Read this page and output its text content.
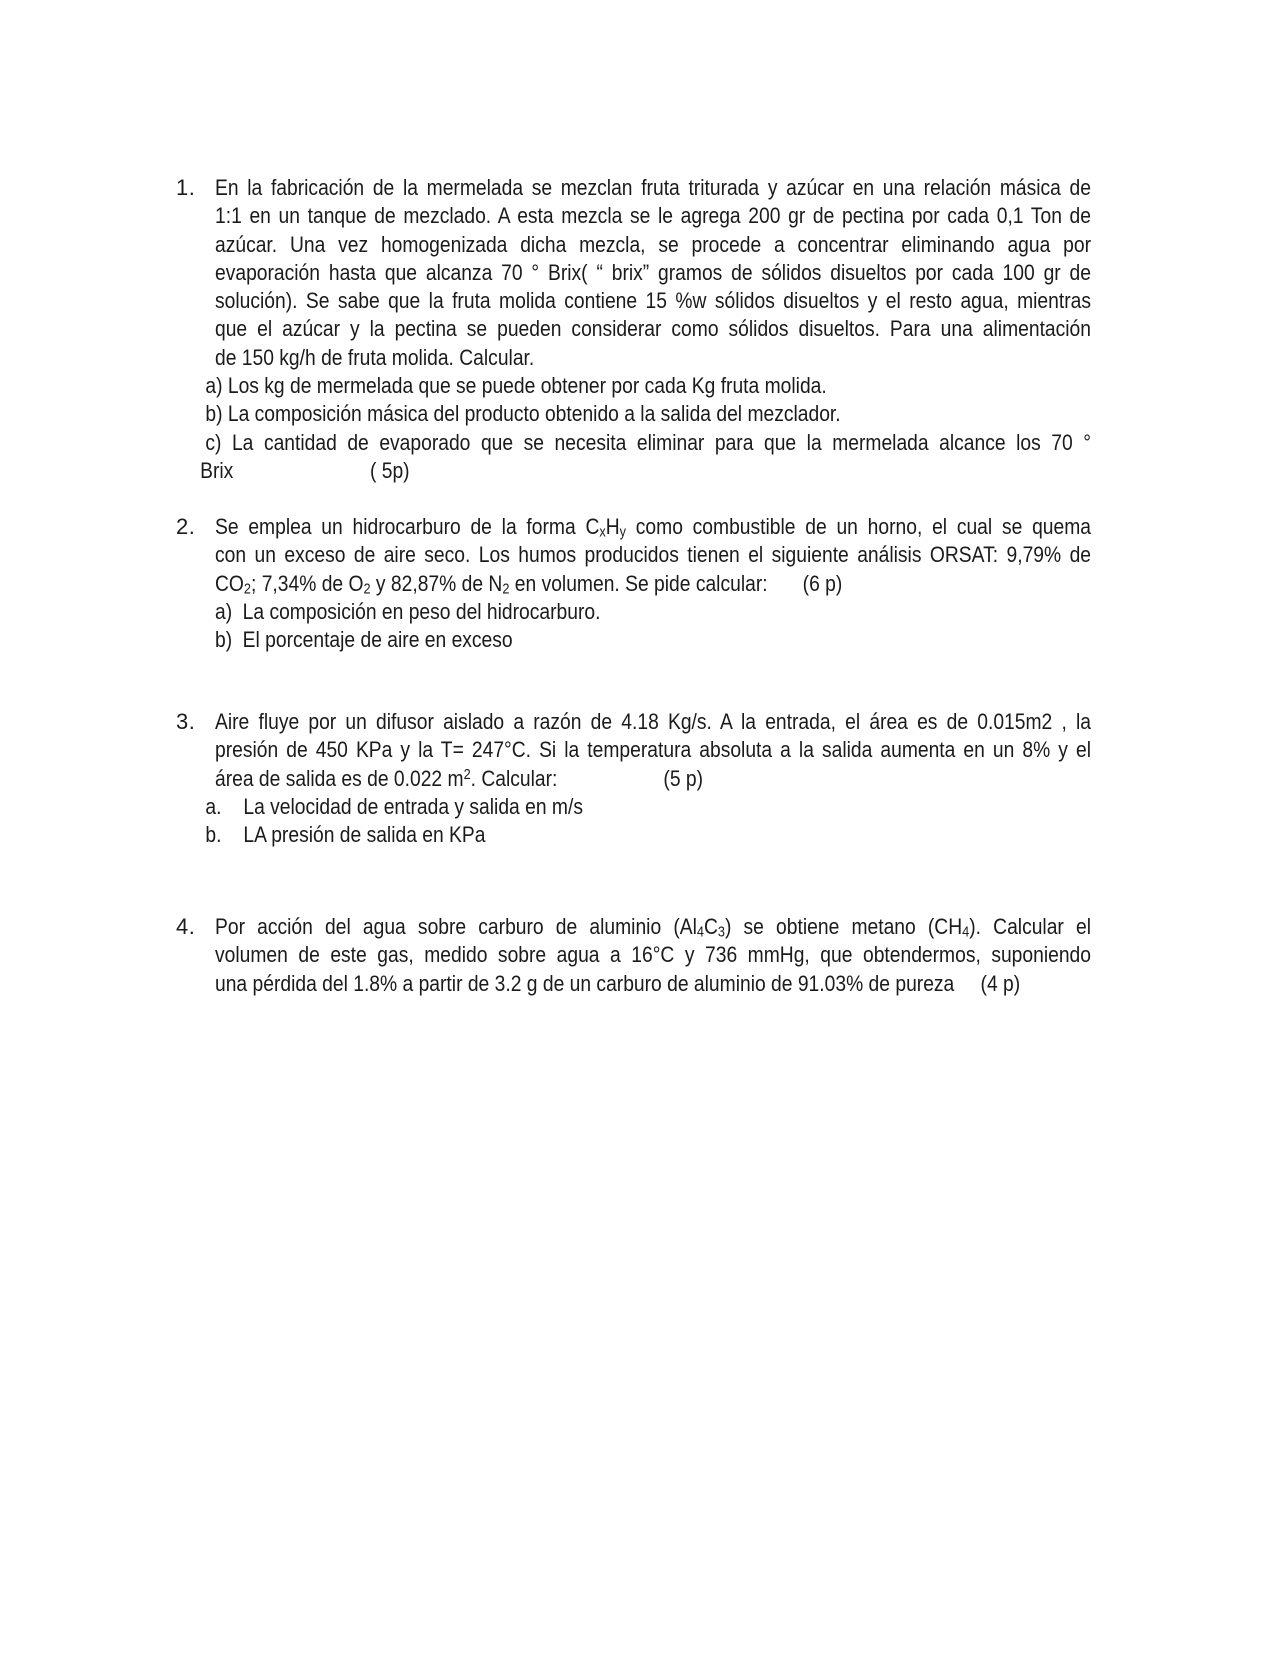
1. En la fabricación de la mermelada se mezclan fruta triturada y azúcar en una relación másica de
1:1 en un tanque de mezclado. A esta mezcla se le agrega 200 gr de pectina por cada 0,1 Ton de
azúcar. Una vez homogenizada dicha mezcla, se procede a concentrar eliminando agua por
evaporación hasta que alcanza 70 ° Brix( “ brix” gramos de sólidos disueltos por cada 100 gr de
solución). Se sabe que la fruta molida contiene 15 %w sólidos disueltos y el resto agua, mientras
que el azúcar y la pectina se pueden considerar como sólidos disueltos. Para una alimentación
de 150 kg/h de fruta molida. Calcular.
a) Los kg de mermelada que se puede obtener por cada Kg fruta molida.
b) La composición másica del producto obtenido a la salida del mezclador.
c) La cantidad de evaporado que se necesita eliminar para que la mermelada alcance los 70 °
Brix	( 5p)
2. Se emplea un hidrocarburo de la forma $C_xH_y$ como combustible de un horno, el cual se quema
con un exceso de aire seco. Los humos producidos tienen el siguiente análisis ORSAT: 9,79% de
$CO_2$; 7,34% de $O_2$ y 82,87% de $N_2$ en volumen. Se pide calcular: (6 p)
a) La composición en peso del hidrocarburo.
b) El porcentaje de aire en exceso
3. Aire fluye por un difusor aislado a razón de 4.18 Kg/s. A la entrada, el área es de 0.015m2 , la
presión de 450 KPa y la T= 247°C. Si la temperatura absoluta a la salida aumenta en un 8% y el
área de salida es de 0.022 $m^2$. Calcular:	(5 p)
a. La velocidad de entrada y salida en m/s
b. LA presión de salida en KPa
4. Por acción del agua sobre carburo de aluminio $(Al_4C_3)$ se obtiene metano $(CH_4)$. Calcular el
volumen de este gas, medido sobre agua a 16°C y 736 mmHg, que obtendermos, suponiendo
una pérdida del 1.8% a partir de 3.2 g de un carburo de aluminio de 91.03% de pureza (4 p)
